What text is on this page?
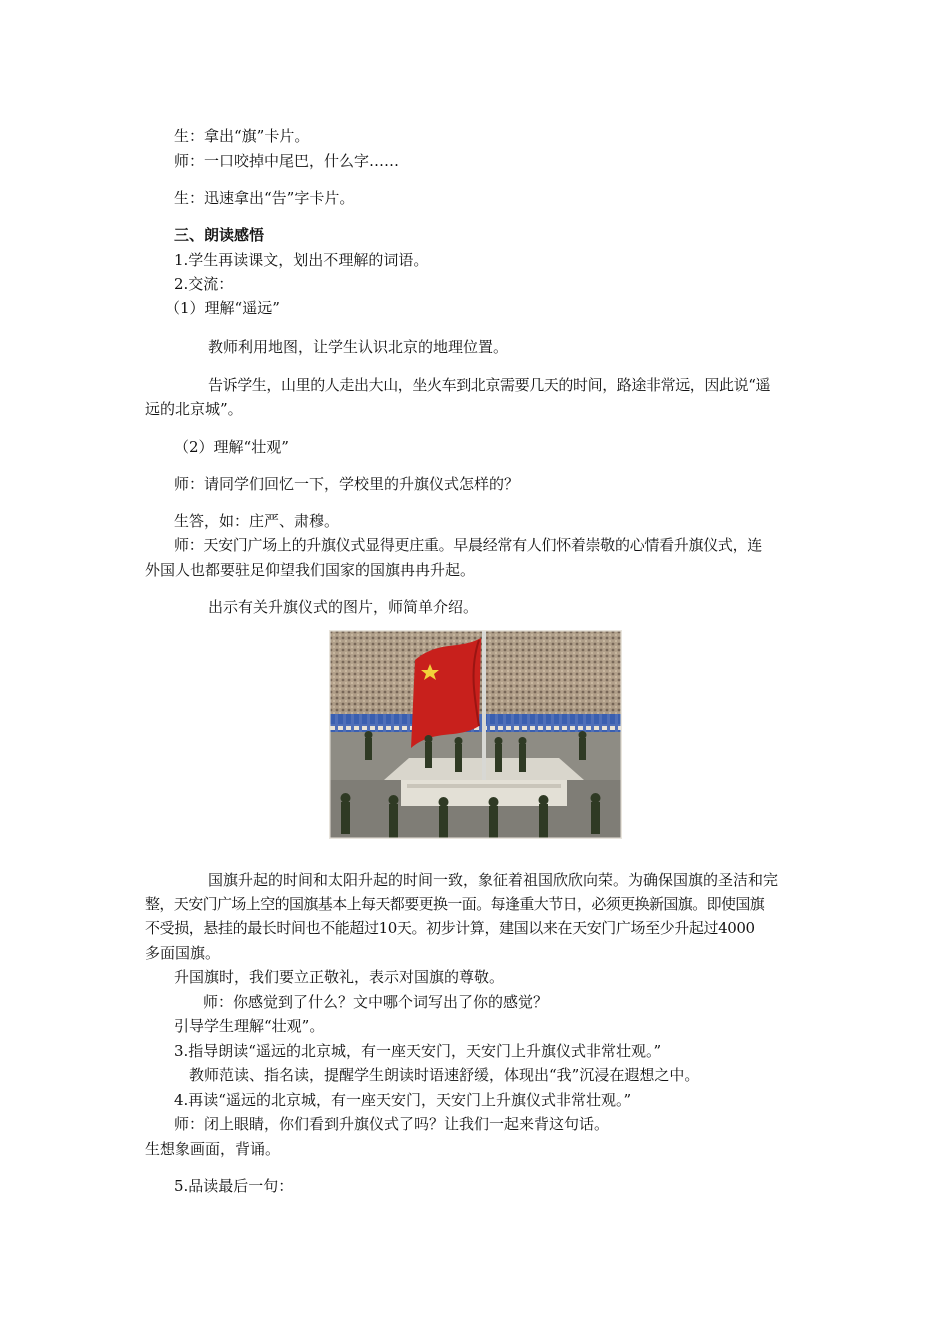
生：拿出“旗”卡片。
师：一口咬掉中尾巴，什么字……
生：迅速拿出“告”字卡片。
三、朗读感悟
1.学生再读课文，划出不理解的词语。
2.交流：
（1）理解“遥远”
教师利用地图，让学生认识北京的地理位置。
告诉学生，山里的人走出大山，坐火车到北京需要几天的时间，路途非常远，因此说“遥
远的北京城”。
（2）理解“壮观”
师：请同学们回忆一下，学校里的升旗仪式怎样的？
生答，如：庄严、肃穆。
师：天安门广场上的升旗仪式显得更庄重。早晨经常有人们怀着崇敬的心情看升旗仪式，连
外国人也都要驻足仰望我们国家的国旗冉冉升起。
出示有关升旗仪式的图片，师简单介绍。
国旗升起的时间和太阳升起的时间一致，象征着祖国欣欣向荣。为确保国旗的圣洁和完
整，天安门广场上空的国旗基本上每天都要更换一面。每逢重大节日，必须更换新国旗。即使国旗
不受损，悬挂的最长时间也不能超过10天。初步计算，建国以来在天安门广场至少升起过4000
多面国旗。
升国旗时，我们要立正敬礼，表示对国旗的尊敬。
师：你感觉到了什么？文中哪个词写出了你的感觉？
引导学生理解“壮观”。
3.指导朗读“遥远的北京城，有一座天安门，天安门上升旗仪式非常壮观。”
教师范读、指名读，提醒学生朗读时语速舒缓，体现出“我”沉浸在遐想之中。
4.再读“遥远的北京城，有一座天安门，天安门上升旗仪式非常壮观。”
师：闭上眼睛，你们看到升旗仪式了吗？让我们一起来背这句话。
生想象画面，背诵。
5.品读最后一句：
